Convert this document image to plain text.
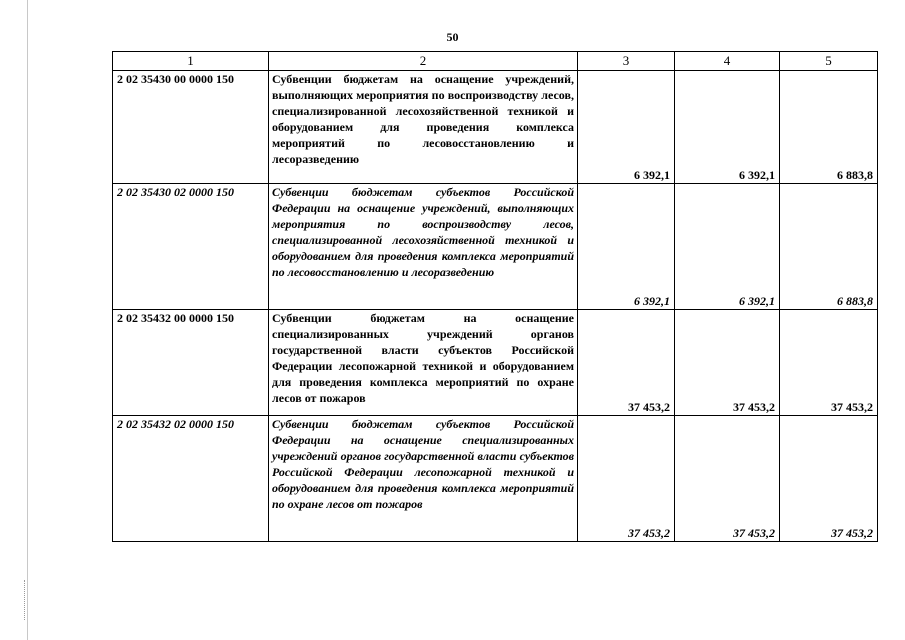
50
1	2	3	4	5
2 02 35430 00 0000 150	Субвенции бюджетам на оснащение учреждений, выполняющих мероприятия по воспроизводству лесов, специализированной лесохозяйственной техникой и оборудованием для проведения комплекса мероприятий по лесовосстановлению и лесоразведению	6 392,1	6 392,1	6 883,8
2 02 35430 02 0000 150	Субвенции бюджетам субъектов Российской Федерации на оснащение учреждений, выполняющих мероприятия по воспроизводству лесов, специализированной лесохозяйственной техникой и оборудованием для проведения комплекса мероприятий по лесовосстановлению и лесоразведению	6 392,1	6 392,1	6 883,8
2 02 35432 00 0000 150	Субвенции бюджетам на оснащение специализированных учреждений органов государственной власти субъектов Российской Федерации лесопожарной техникой и оборудованием для проведения комплекса мероприятий по охране лесов от пожаров	37 453,2	37 453,2	37 453,2
2 02 35432 02 0000 150	Субвенции бюджетам субъектов Российской Федерации на оснащение специализированных учреждений органов государственной власти субъектов Российской Федерации лесопожарной техникой и оборудованием для проведения комплекса мероприятий по охране лесов от пожаров	37 453,2	37 453,2	37 453,2
